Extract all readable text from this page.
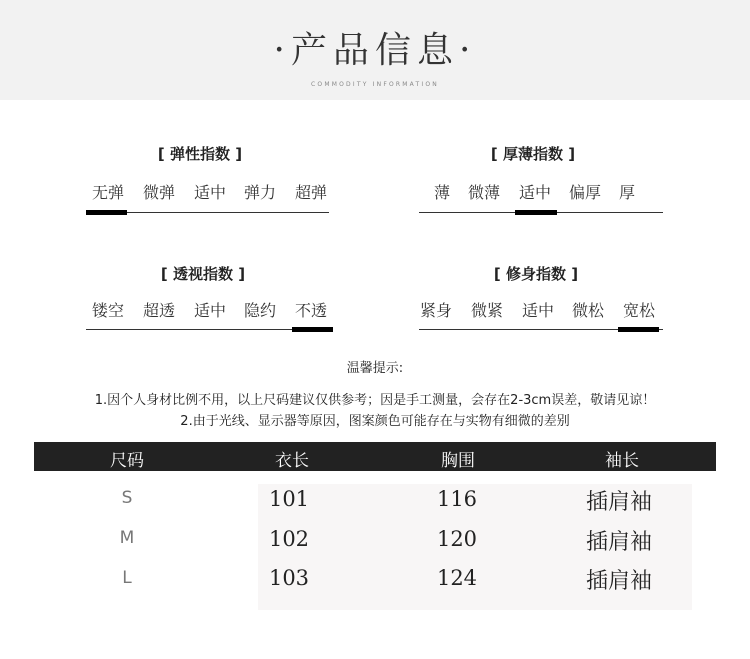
·产品信息·
COMMODITY INFORMATION
[ 弹性指数 ]
无弹 微弹 适中 弹力 超弹
[ 厚薄指数 ]
薄	微薄 适中 偏厚	厚
[ 透视指数 ]
镂空 超透 适中 隐约 不透
[ 修身指数 ]
紧身 微紧 适中 微松 宽松
温馨提示:
1.因个人身材比例不用，以上尺码建议仅供参考；因是手工测量，会存在2-3cm误差，敬请见谅！
2.由于光线、显示器等原因，图案颜色可能存在与实物有细微的差别
尺码	衣长	胸围	袖长
S	101	116	插肩袖
M	102	120	插肩袖
L	103	124	插肩袖
